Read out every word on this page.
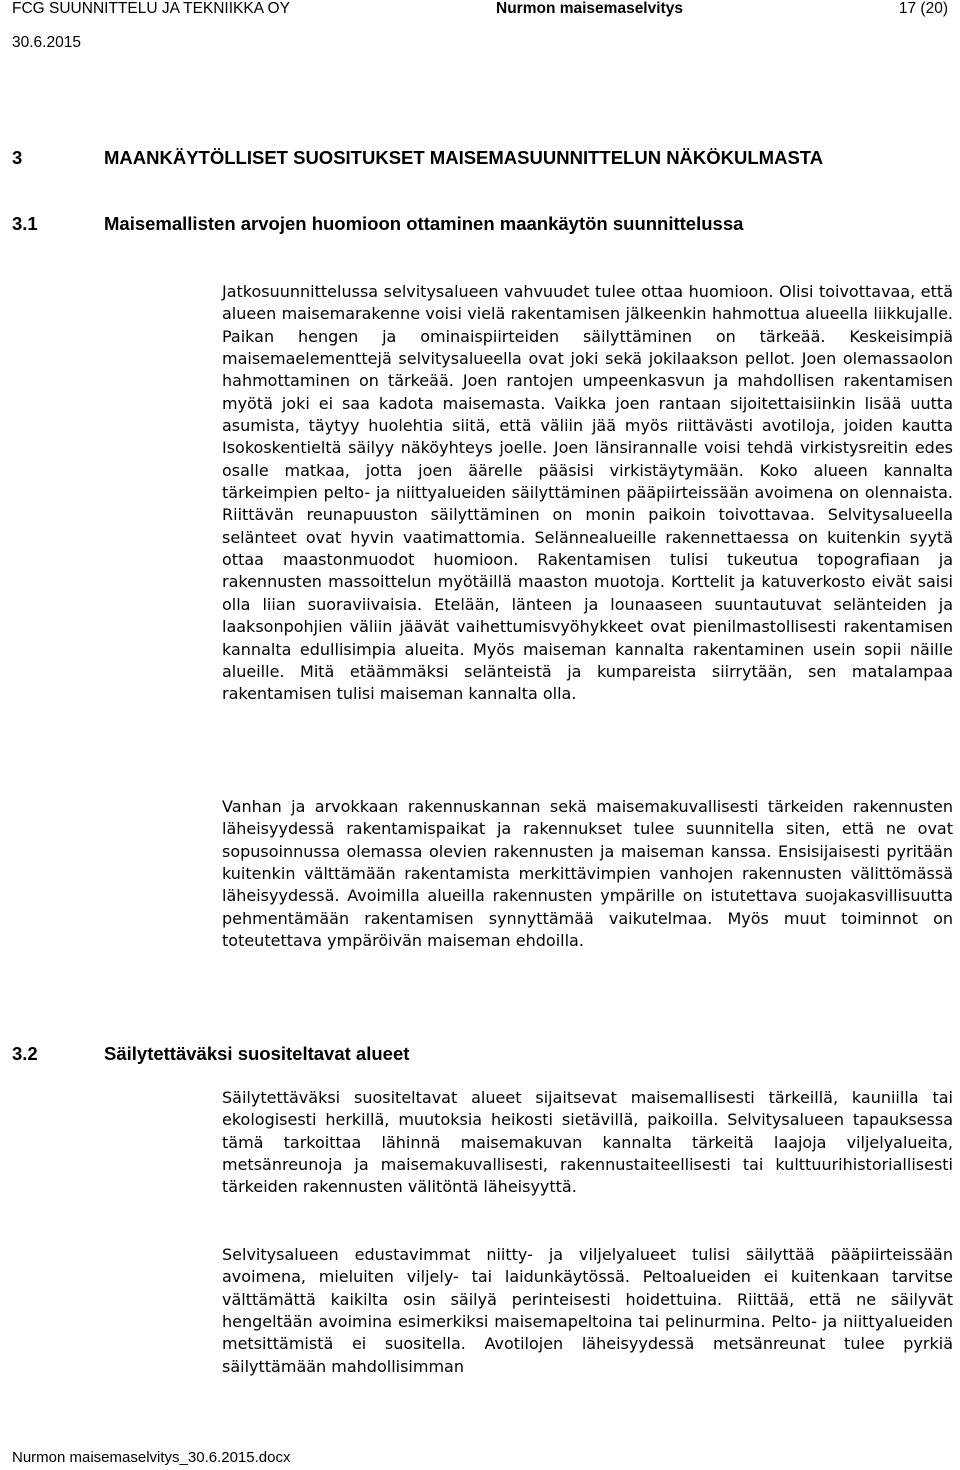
FCG SUUNNITTELU JA TEKNIIKKA OY	Nurmon maisemaselvitys	17 (20)
30.6.2015
3	MAANKÄYTÖLLISET SUOSITUKSET MAISEMASUUNNITTELUN NÄKÖKULMASTA
3.1	Maisemallisten arvojen huomioon ottaminen maankäytön suunnittelussa

Jatkosuunnittelussa selvitysalueen vahvuudet tulee ottaa huomioon. Olisi toivottavaa, että alueen maisemarakenne voisi vielä rakentamisen jälkeenkin hahmottua alueella liikkujalle. Paikan hengen ja ominaispiirteiden säilyttäminen on tärkeää. Keskeisimpiä maisemaelementtejä selvitysalueella ovat joki sekä jokilaakson pellot. Joen olemassaolon hahmottaminen on tärkeää. Joen rantojen umpeenkasvun ja mahdollisen rakentamisen myötä joki ei saa kadota maisemasta. Vaikka joen rantaan sijoitettaisiinkin lisää uutta asumista, täytyy huolehtia siitä, että väliin jää myös riittävästi avotiloja, joiden kautta Isokoskentieltä säilyy näköyhteys joelle. Joen länsirannalle voisi tehdä virkistysreitin edes osalle matkaa, jotta joen äärelle pääsisi virkistäytymään. Koko alueen kannalta tärkeimpien pelto- ja niittyalueiden säilyttäminen pääpiirteissään avoimena on olennaista. Riittävän reunapuuston säilyttäminen on monin paikoin toivottavaa. Selvitysalueella selänteet ovat hyvin vaatimattomia. Selännealueille rakennettaessa on kuitenkin syytä ottaa maastonmuodot huomioon. Rakentamisen tulisi tukeutua topografiaan ja rakennusten massoittelun myötäillä maaston muotoja. Korttelit ja katuverkosto eivät saisi olla liian suoraviivaisia. Etelään, länteen ja lounaaseen suuntautuvat selänteiden ja laaksonpohjien väliin jäävät vaihettumisvyöhykkeet ovat pienilmastollisesti rakentamisen kannalta edullisimpia alueita. Myös maiseman kannalta rakentaminen usein sopii näille alueille. Mitä etäämmäksi selänteistä ja kumpareista siirrytään, sen matalampaa rakentamisen tulisi maiseman kannalta olla.

Vanhan ja arvokkaan rakennuskannan sekä maisemakuvallisesti tärkeiden rakennusten läheisyydessä rakentamispaikat ja rakennukset tulee suunnitella siten, että ne ovat sopusoinnussa olemassa olevien rakennusten ja maiseman kanssa. Ensisijaisesti pyritään kuitenkin välttämään rakentamista merkittävimpien vanhojen rakennusten välittömässä läheisyydessä. Avoimilla alueilla rakennusten ympärille on istutettava suojakasvillisuutta pehmentämään rakentamisen synnyttämää vaikutelmaa. Myös muut toiminnot on toteutettava ympäröivän maiseman ehdoilla.

3.2	Säilytettäväksi suositeltavat alueet

Säilytettäväksi suositeltavat alueet sijaitsevat maisemallisesti tärkeillä, kauniilla tai ekologisesti herkillä, muutoksia heikosti sietävillä, paikoilla. Selvitysalueen tapauksessa tämä tarkoittaa lähinnä maisemakuvan kannalta tärkeitä laajoja viljelyalueita, metsänreunoja ja maisemakuvallisesti, rakennustaiteellisesti tai kulttuurihistoriallisesti tärkeiden rakennusten välitöntä läheisyyttä.

Selvitysalueen edustavimmat niitty- ja viljelyalueet tulisi säilyttää pääpiirteissään avoimena, mieluiten viljely- tai laidunkäytössä. Peltoalueiden ei kuitenkaan tarvitse välttämättä kaikilta osin säilyä perinteisesti hoidettuina. Riittää, että ne säilyvät hengeltään avoimina esimerkiksi maisemapeltoina tai pelinurmina. Pelto- ja niittyalueiden metsittämistä ei suositella. Avotilojen läheisyydessä metsänreunat tulee pyrkiä säilyttämään mahdollisimman

Nurmon maisemaselvitys_30.6.2015.docx
